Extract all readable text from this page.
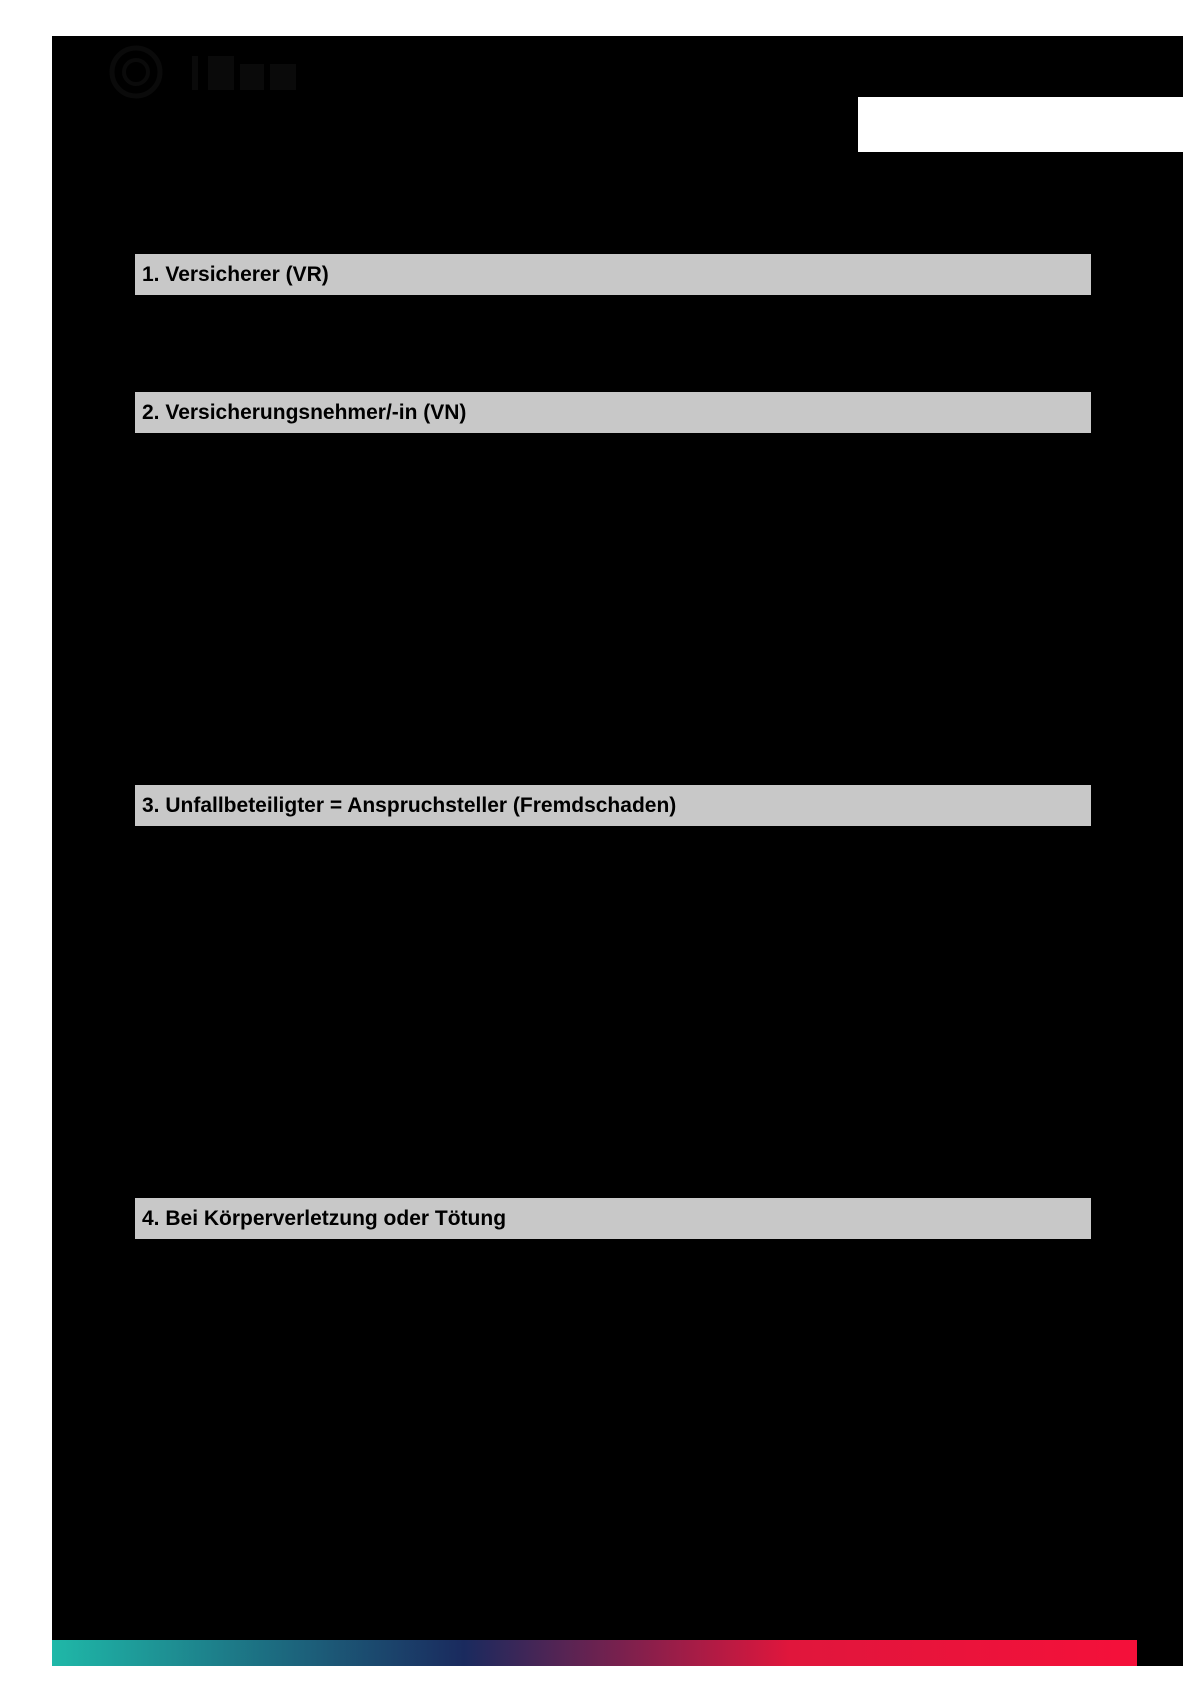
1. Versicherer (VR)
2. Versicherungsnehmer/-in (VN)
3. Unfallbeteiligter = Anspruchsteller (Fremdschaden)
4. Bei Körperverletzung oder Tötung
